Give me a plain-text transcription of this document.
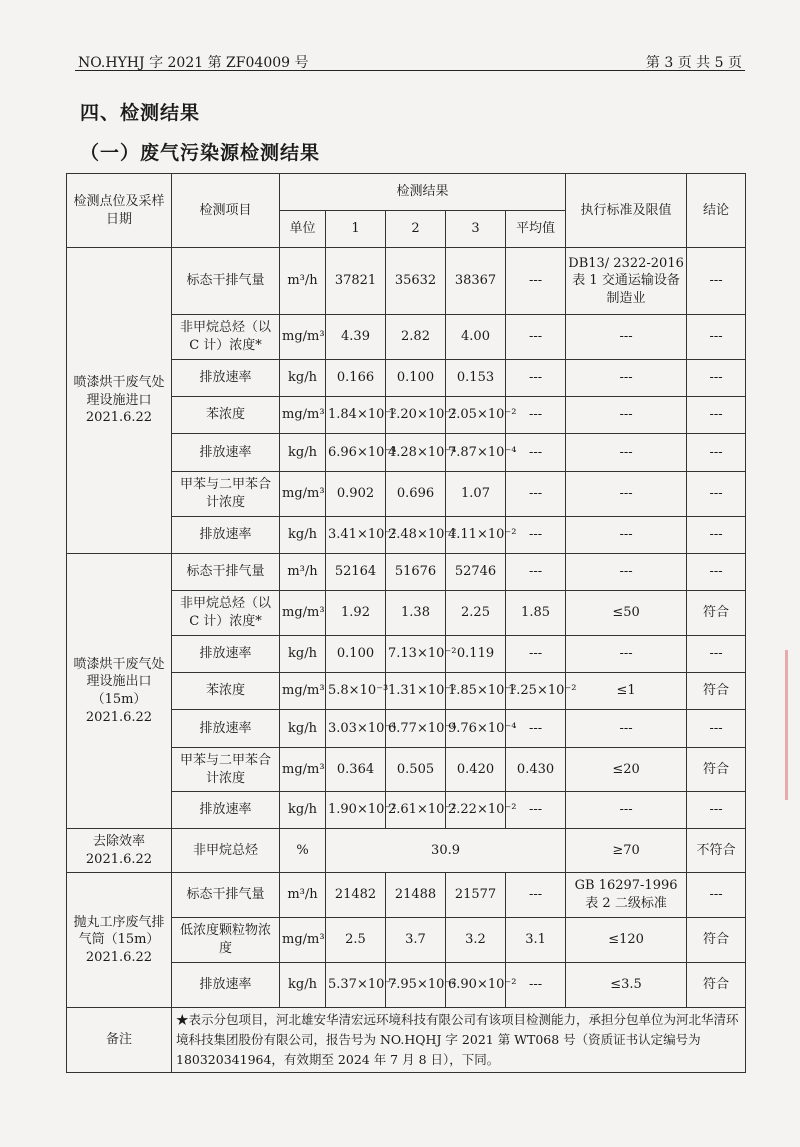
NO.HYHJ 字 2021 第 ZF04009 号	第 3 页 共 5 页
四、检测结果
（一）废气污染源检测结果
检测点位及采样日期	检测项目	检测结果					执行标准及限值	结论
		单位	1	2	3	平均值		
喷漆烘干废气处理设施进口 2021.6.22	标态干排气量	m³/h	37821	35632	38367	---	DB13/ 2322-2016 表 1 交通运输设备制造业	---
	非甲烷总烃（以 C 计）浓度*	mg/m³	4.39	2.82	4.00	---	---	---
	排放速率	kg/h	0.166	0.100	0.153	---	---	---
	苯浓度	mg/m³	1.84×10⁻²	1.20×10⁻²	2.05×10⁻²	---	---	---
	排放速率	kg/h	6.96×10⁻⁴	4.28×10⁻⁴	7.87×10⁻⁴	---	---	---
	甲苯与二甲苯合计浓度	mg/m³	0.902	0.696	1.07	---	---	---
	排放速率	kg/h	3.41×10⁻²	2.48×10⁻²	4.11×10⁻²	---	---	---
喷漆烘干废气处理设施出口（15m） 2021.6.22	标态干排气量	m³/h	52164	51676	52746	---	---	---
	非甲烷总烃（以 C 计）浓度*	mg/m³	1.92	1.38	2.25	1.85	≤50	符合
	排放速率	kg/h	0.100	7.13×10⁻²	0.119	---	---	---
	苯浓度	mg/m³	5.8×10⁻³	1.31×10⁻²	1.85×10⁻²	1.25×10⁻²	≤1	符合
	排放速率	kg/h	3.03×10⁻⁴	6.77×10⁻⁴	9.76×10⁻⁴	---	---	---
	甲苯与二甲苯合计浓度	mg/m³	0.364	0.505	0.420	0.430	≤20	符合
	排放速率	kg/h	1.90×10⁻²	2.61×10⁻²	2.22×10⁻²	---	---	---
去除效率 2021.6.22	非甲烷总烃	%	30.9				≥70	不符合
抛丸工序废气排气筒（15m） 2021.6.22	标态干排气量	m³/h	21482	21488	21577	---	GB 16297-1996 表 2 二级标准	---
	低浓度颗粒物浓度	mg/m³	2.5	3.7	3.2	3.1	≤120	符合
	排放速率	kg/h	5.37×10⁻²	7.95×10⁻²	6.90×10⁻²	---	≤3.5	符合
备注	★表示分包项目，河北雄安华清宏远环境科技有限公司有该项目检测能力，承担分包单位为河北华清环境科技集团股份有限公司，报告号为 NO.HQHJ 字 2021 第 WT068 号（资质证书认定编号为 180320341964，有效期至 2024 年 7 月 8 日），下同。							
